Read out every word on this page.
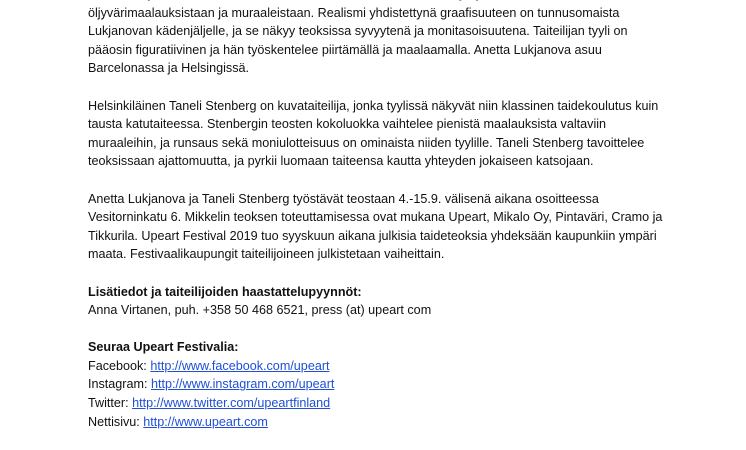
öljyvärimaalauksistaan ja muraaleistaan. Realismi yhdistettynä graafisuuteen on tunnusomaista
Lukjanovan kädenjäljelle, ja se näkyy teoksissa syvyytenä ja monitasoisuutena. Taiteilijan tyyli on
pääosin figuratiivinen ja hän työskentelee piirtämällä ja maalaamalla. Anetta Lukjanova asuu
Barcelonassa ja Helsingissä.
Helsinkiläinen Taneli Stenberg on kuvataiteilija, jonka tyylissä näkyvät niin klassinen taidekoulutus kuin
tausta katutaiteessa. Stenbergin teosten kokoluokka vaihtelee pienistä maalauksista valtaviin
muraaleihin, ja runsaus sekä moniulotteisuus on ominaista niiden tyylille. Taneli Stenberg tavoittelee
teoksissaan ajattomuutta, ja pyrkii luomaan taiteensa kautta yhteyden jokaiseen katsojaan.
Anetta Lukjanova ja Taneli Stenberg työstävät teostaan 4.-15.9. välisenä aikana osoitteessa
Vesitorninkatu 6. Mikkelin teoksen toteuttamisessa ovat mukana Upeart, Mikalo Oy, Pintaväri, Cramo ja
Tikkurila. Upeart Festival 2019 tuo syyskuun aikana julkisia taideteoksia yhdeksään kaupunkiin ympäri
maata. Festivaalikaupungit taiteilijoineen julkistetaan vaiheittain.
Lisätiedot ja taiteilijoiden haastattelupyynnöt:
Anna Virtanen, puh. +358 50 468 6521, press (at) upeart com
Seuraa Upeart Festivalia:
Facebook: http://www.facebook.com/upeart
Instagram: http://www.instagram.com/upeart
Twitter: http://www.twitter.com/upeartfinland
Nettisivu: http://www.upeart.com
